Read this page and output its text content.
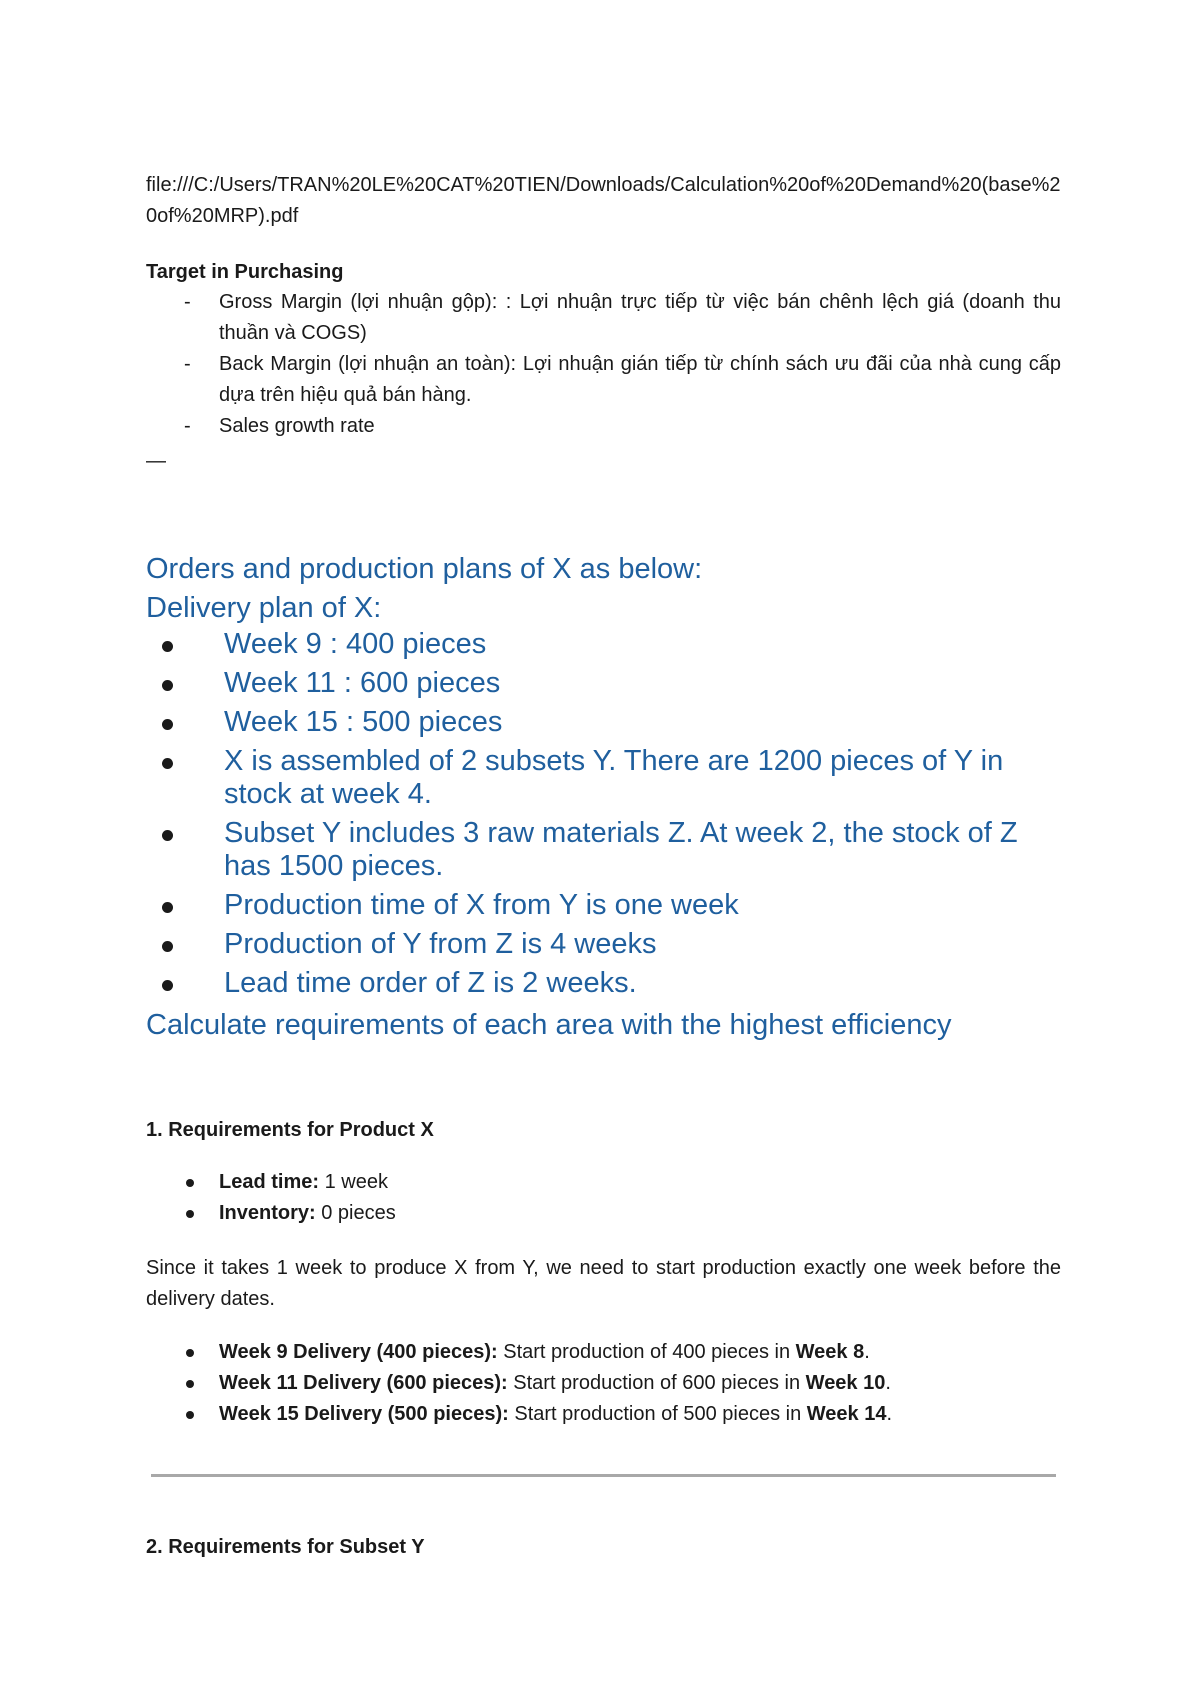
file:///C:/Users/TRAN%20LE%20CAT%20TIEN/Downloads/Calculation%20of%20Demand%20(base%20of%20MRP).pdf

Target in Purchasing

- Gross Margin (lợi nhuận gộp): : Lợi nhuận trực tiếp từ việc bán chênh lệch giá (doanh thu thuần và COGS)
- Back Margin (lợi nhuận an toàn): Lợi nhuận gián tiếp từ chính sách ưu đãi của nhà cung cấp dựa trên hiệu quả bán hàng.
- Sales growth rate
—

Orders and production plans of X as below:

Delivery plan of X:

Week 9 : 400 pieces
Week 11 : 600 pieces
Week 15 : 500 pieces
X is assembled of 2 subsets Y. There are 1200 pieces of Y in stock at week 4.
Subset Y includes 3 raw materials Z. At week 2, the stock of Z has 1500 pieces.
Production time of X from Y is one week
Production of Y from Z is 4 weeks
Lead time order of Z is 2 weeks.

Calculate requirements of each area with the highest efficiency

1. Requirements for Product X

Lead time: 1 week
Inventory: 0 pieces

Since it takes 1 week to produce X from Y, we need to start production exactly one week before the delivery dates.

Week 9 Delivery (400 pieces): Start production of 400 pieces in Week 8.
Week 11 Delivery (600 pieces): Start production of 600 pieces in Week 10.
Week 15 Delivery (500 pieces): Start production of 500 pieces in Week 14.

2. Requirements for Subset Y
